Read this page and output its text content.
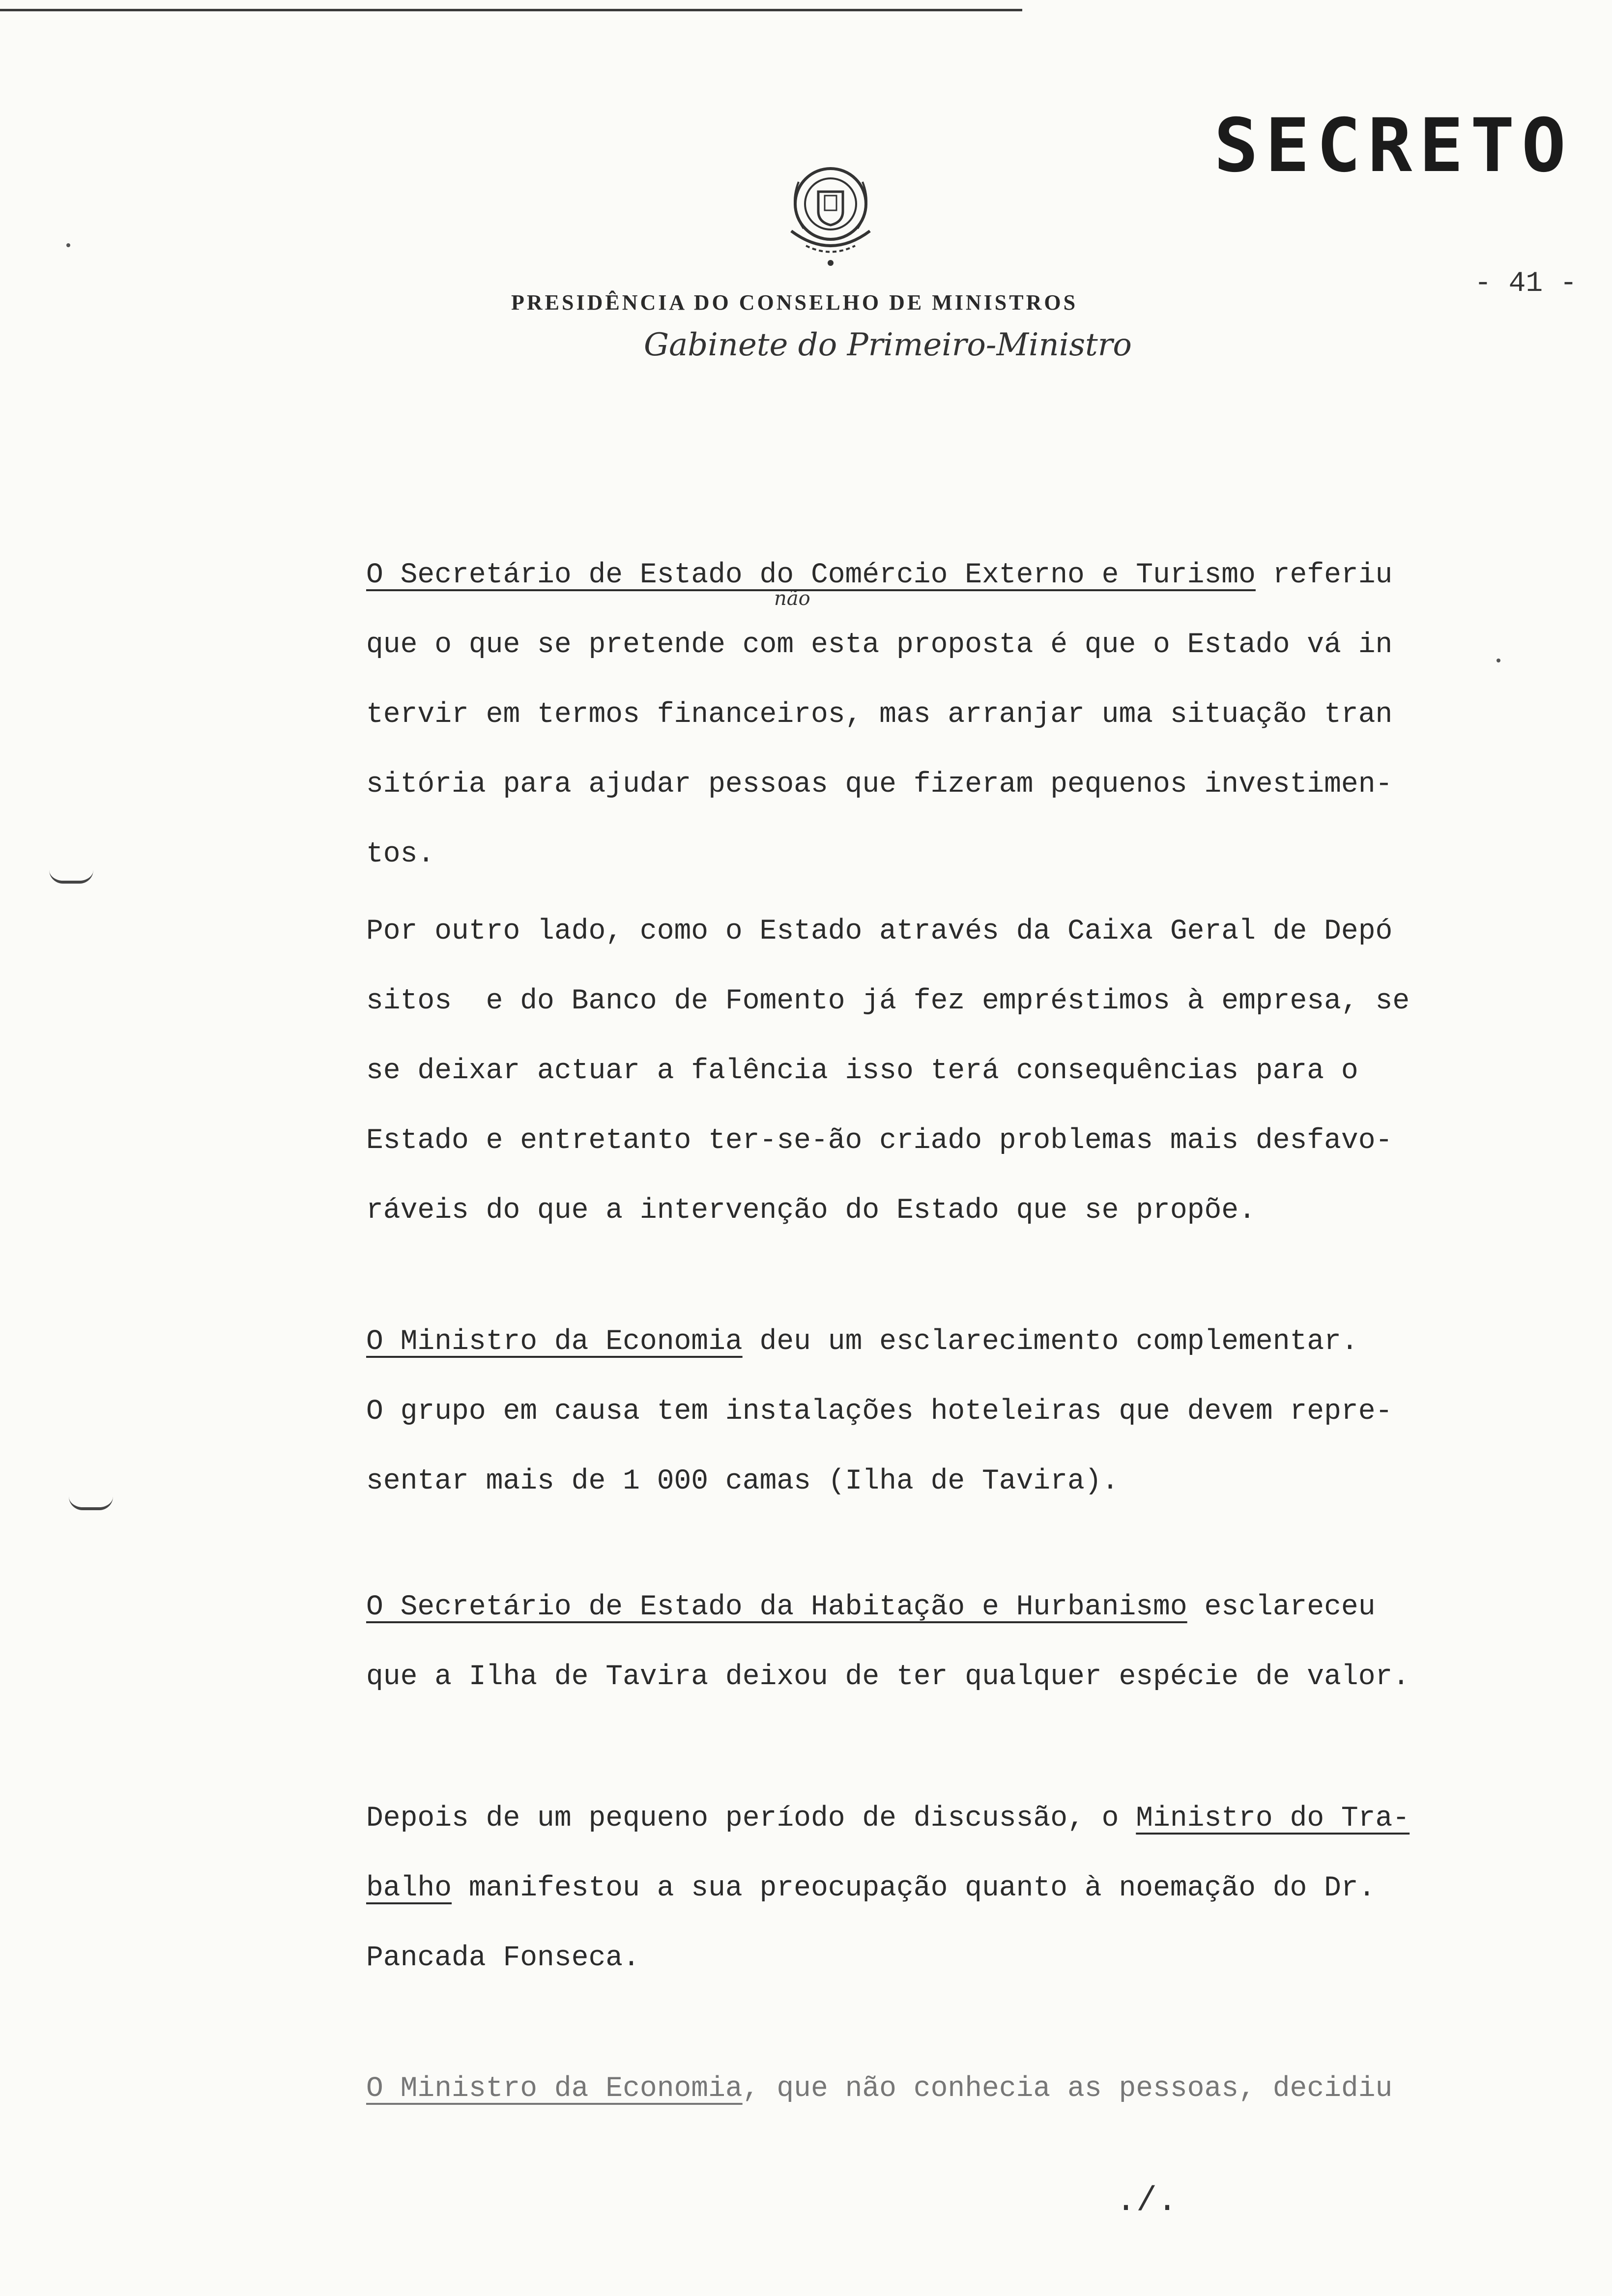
SECRETO
- 41 -
PRESIDÊNCIA DO CONSELHO DE MINISTROS
Gabinete do Primeiro-Ministro
não
O Secretário de Estado do Comércio Externo e Turismo referiu
que o que se pretende com esta proposta é que o Estado vá in
tervir em termos financeiros, mas arranjar uma situação tran
sitória para ajudar pessoas que fizeram pequenos investimen-
tos.
Por outro lado, como o Estado através da Caixa Geral de Depó
sitos  e do Banco de Fomento já fez empréstimos à empresa, se
se deixar actuar a falência isso terá consequências para o
Estado e entretanto ter-se-ão criado problemas mais desfavo-
ráveis do que a intervenção do Estado que se propõe.
O Ministro da Economia deu um esclarecimento complementar.
O grupo em causa tem instalações hoteleiras que devem repre-
sentar mais de 1 000 camas (Ilha de Tavira).
O Secretário de Estado da Habitação e Hurbanismo esclareceu
que a Ilha de Tavira deixou de ter qualquer espécie de valor.
Depois de um pequeno período de discussão, o Ministro do Tra-
balho manifestou a sua preocupação quanto à noemação do Dr.
Pancada Fonseca.
O Ministro da Economia, que não conhecia as pessoas, decidiu
./.
